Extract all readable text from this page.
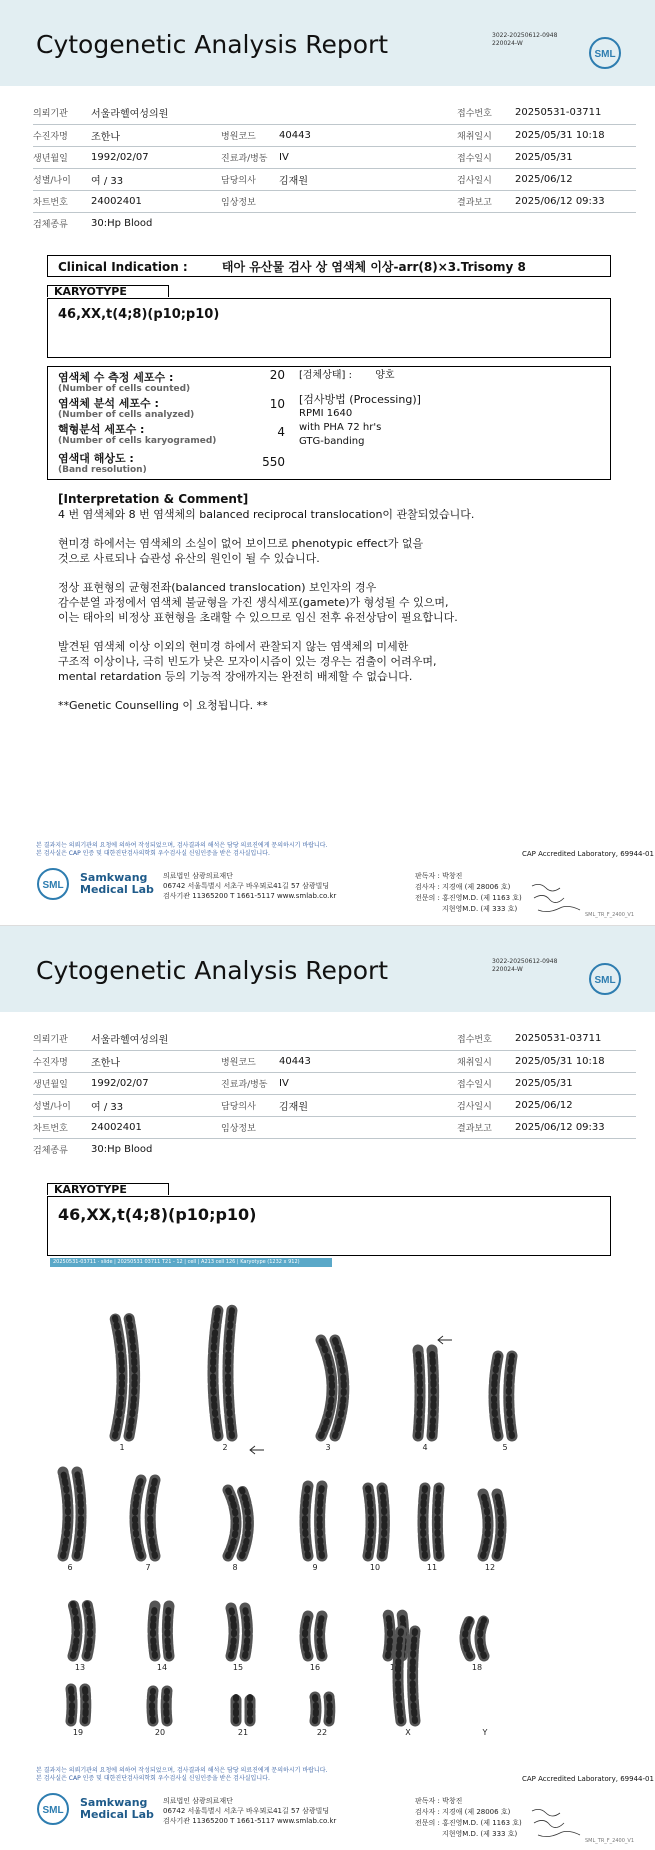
Cytogenetic Analysis Report	3022-20250612-0948
220024-W
SML
의뢰기관	서울라헬여성의원			접수번호	20250531-03711
수진자명	조한나	병원코드	40443	채취일시	2025/05/31 10:18
생년월일	1992/02/07	진료과/병동	IV	접수일시	2025/05/31
성별/나이	여 / 33	담당의사	김재원	검사일시	2025/06/12
차트번호	24002401	임상정보		결과보고	2025/06/12 09:33
검체종류	30:Hp Blood				
Clinical Indication :	태아 유산물 검사 상 염색체 이상-arr(8)×3.Trisomy 8
KARYOTYPE
46,XX,t(4;8)(p10;p10)
염색체 수 측정 세포수 :
(Number of cells counted)
20
염색체 분석 세포수 :
(Number of cells analyzed)
10
핵형분석 세포수 :
(Number of cells karyogramed)
4
염색대 해상도 :
(Band resolution)
550
[검체상태] : 양호
[검사방법 (Processing)]
RPMI 1640
with PHA 72 hr's
GTG-banding
[Interpretation & Comment]

4 번 염색체와 8 번 염색체의 balanced reciprocal translocation이 관찰되었습니다.

현미경 하에서는 염색체의 소실이 없어 보이므로 phenotypic effect가 없을
것으로 사료되나 습관성 유산의 원인이 될 수 있습니다.

정상 표현형의 균형전좌(balanced translocation) 보인자의 경우
감수분열 과정에서 염색체 불균형을 가진 생식세포(gamete)가 형성될 수 있으며,
이는 태아의 비정상 표현형을 초래할 수 있으므로 임신 전후 유전상담이 필요합니다.

발견된 염색체 이상 이외의 현미경 하에서 관찰되지 않는 염색체의 미세한
구조적 이상이나, 극히 빈도가 낮은 모자이시즘이 있는 경우는 검출이 어려우며,
mental retardation 등의 기능적 장애까지는 완전히 배제할 수 없습니다.

**Genetic Counselling 이 요청됩니다. **

본 결과지는 의뢰기관의 요청에 의하여 작성되었으며, 검사결과의 해석은 담당 의료진에게 문의하시기 바랍니다.
본 검사실은 CAP 인증 및 대한진단검사의학회 우수검사실 신임인증을 받은 검사실입니다.	CAP Accredited Laboratory, 69944-01
SML
Samkwang
Medical Lab
의료법인 삼광의료재단
06742 서울특별시 서초구 바우뫼로41길 57 삼광빌딩
검사기관 11365200 T 1661-5117 www.smlab.co.kr
판독자 : 박창진
검사자 : 지경애 (제 28006 호)
전문의 : 홍진영M.D. (제 1163 호)
지현영M.D. (제 333 호)
SML_TR_F_2400_V1
Cytogenetic Analysis Report	3022-20250612-0948
220024-W
SML
의뢰기관	서울라헬여성의원			접수번호	20250531-03711
수진자명	조한나	병원코드	40443	채취일시	2025/05/31 10:18
생년월일	1992/02/07	진료과/병동	IV	접수일시	2025/05/31
성별/나이	여 / 33	담당의사	김재원	검사일시	2025/06/12
차트번호	24002401	임상정보		결과보고	2025/06/12 09:33
검체종류	30:Hp Blood				
KARYOTYPE
46,XX,t(4;8)(p10;p10)
20250531-03711 · slide | 20250531 03711 T21 - 12 | cell | A213 cell 126 | Karyotype (1232 x 912)
1	2	3	4	5
6	7	8	9	10	11	12
13	14	15	16	17	18
19	20	21	22	X	Y
본 결과지는 의뢰기관의 요청에 의하여 작성되었으며, 검사결과의 해석은 담당 의료진에게 문의하시기 바랍니다.
본 검사실은 CAP 인증 및 대한진단검사의학회 우수검사실 신임인증을 받은 검사실입니다.	CAP Accredited Laboratory, 69944-01
SML
Samkwang
Medical Lab
의료법인 삼광의료재단
06742 서울특별시 서초구 바우뫼로41길 57 삼광빌딩
검사기관 11365200 T 1661-5117 www.smlab.co.kr
판독자 : 박창진
검사자 : 지경애 (제 28006 호)
전문의 : 홍진영M.D. (제 1163 호)
지현영M.D. (제 333 호)
SML_TR_F_2400_V1
